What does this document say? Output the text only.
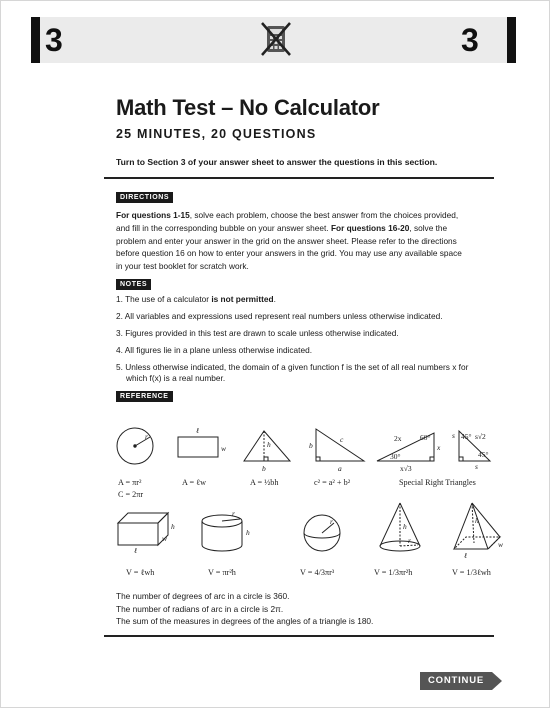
3	3
Math Test – No Calculator
25 MINUTES, 20 QUESTIONS
Turn to Section 3 of your answer sheet to answer the questions in this section.
DIRECTIONS
For questions 1-15, solve each problem, choose the best answer from the choices provided, and fill in the corresponding bubble on your answer sheet. For questions 16-20, solve the problem and enter your answer in the grid on the answer sheet. Please refer to the directions before question 16 on how to enter your answers in the grid. You may use any available space in your test booklet for scratch work.
NOTES
1. The use of a calculator is not permitted.
2. All variables and expressions used represent real numbers unless otherwise indicated.
3. Figures provided in this test are drawn to scale unless otherwise indicated.
4. All figures lie in a plane unless otherwise indicated.
5. Unless otherwise indicated, the domain of a given function f is the set of all real numbers x for
which f(x) is a real number.
REFERENCE
r
ℓ
w	h
b
b
c
a
2x 60°
x
30°
x√3
s 45° s√2
45°
s
h
w
ℓ
r
h
r
h
r
h
ℓ
w
A = πr²
C = 2πr
A = ℓw	A = ½bh	c² = a² + b²	Special Right Triangles
V = ℓwh	V = πr²h	V = 4/3πr³	V = 1/3πr²h	V = 1/3ℓwh
The number of degrees of arc in a circle is 360.
The number of radians of arc in a circle is 2π.
The sum of the measures in degrees of the angles of a triangle is 180.
CONTINUE
